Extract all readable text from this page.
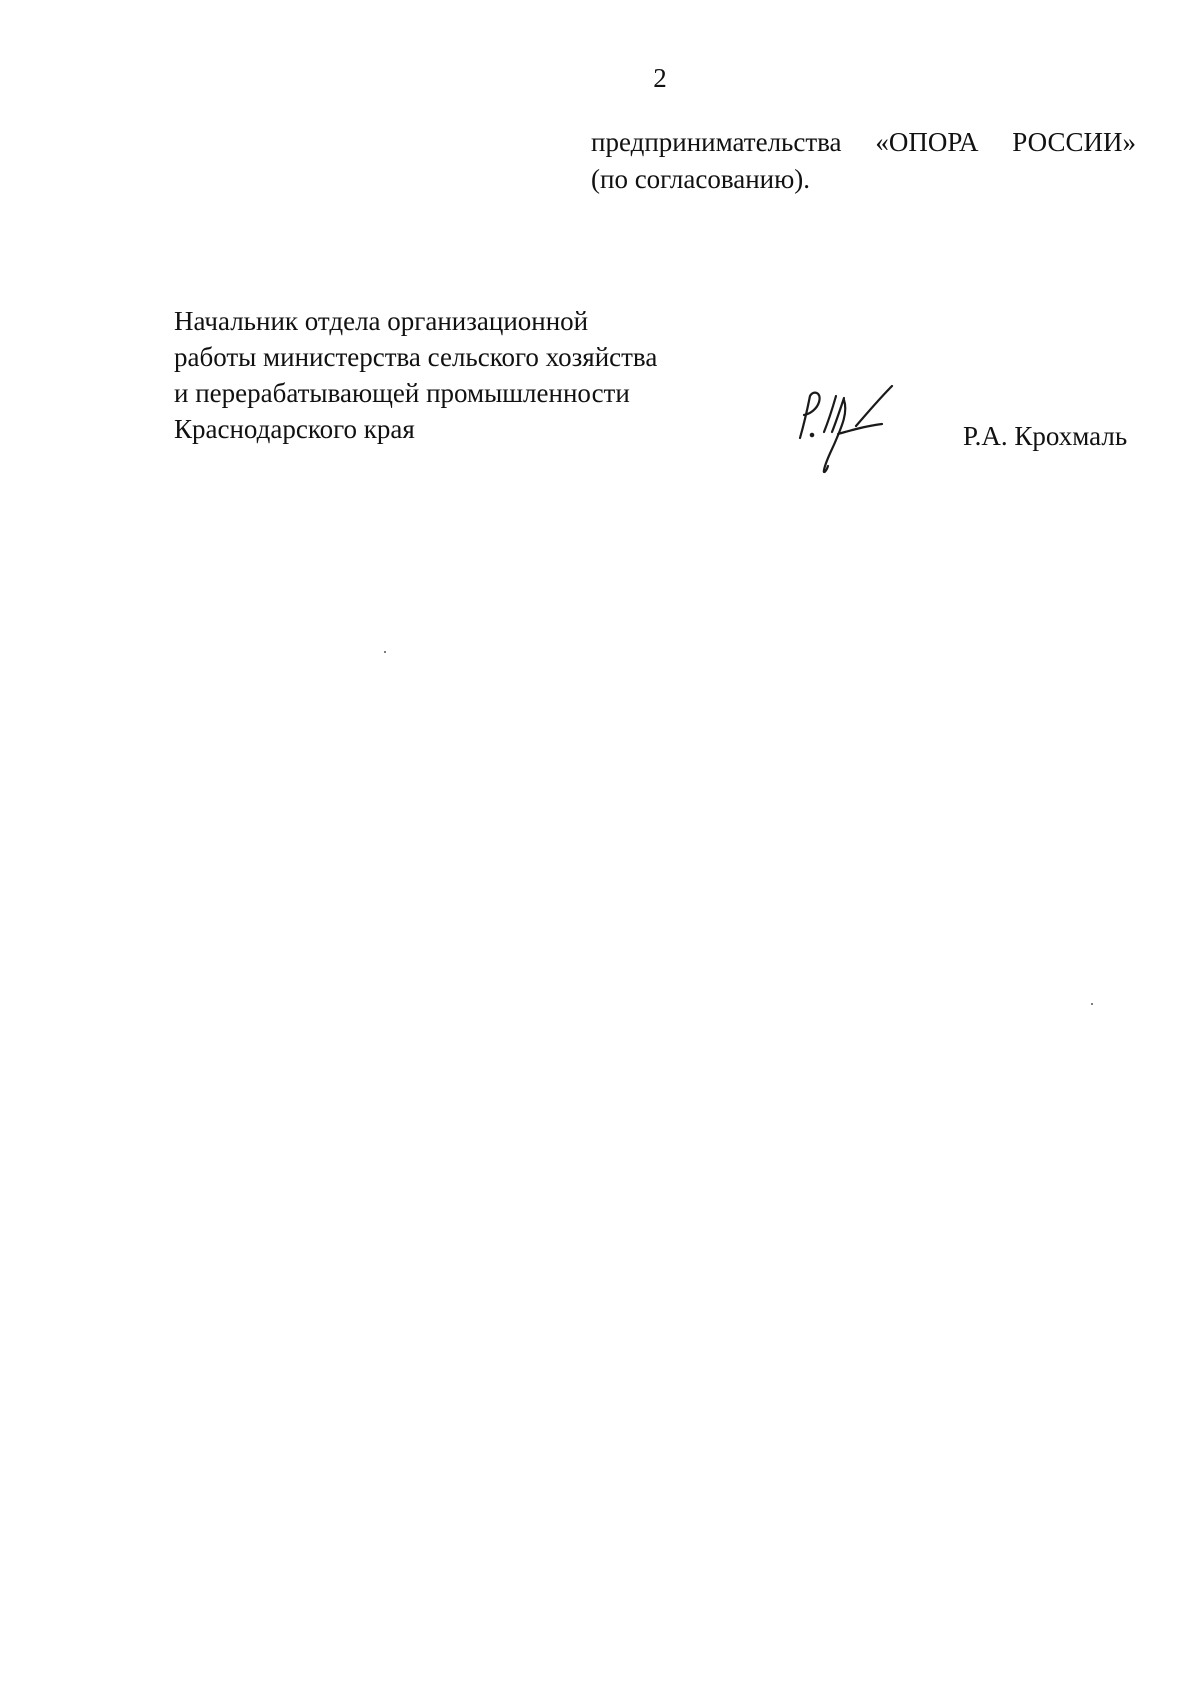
2
предпринимательства «ОПОРА РОССИИ»
(по согласованию).
Начальник отдела организационной
работы министерства сельского хозяйства
и перерабатывающей промышленности
Краснодарского края	Р.А. Крохмаль
